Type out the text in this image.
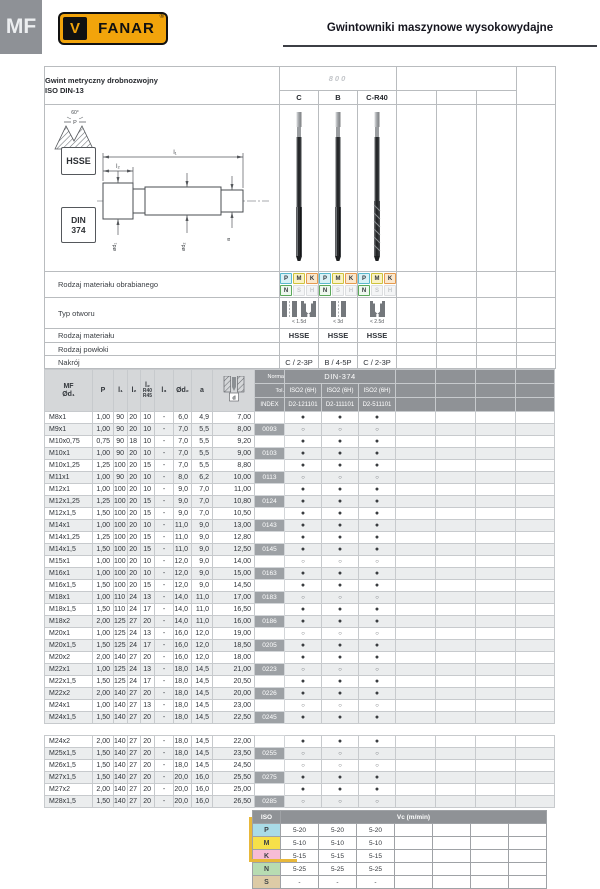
MF V	FANAR
®
Gwintowniki maszynowe wysokowydajne
Gwint metryczny drobnozwojny
ISO DIN-13	800						
	C	B	C-R40				

60°
P
HSSE
DIN
374
l₁
l₂
ød₁	ød₂
a

Rodzaj materiału obrabianego	
P	M	K
N	S	H

P	M	K
N	S	H

P	M	K
N	S	H

Typ otworu	< 1.5d	< 3d	< 2.5d				

Rodzaj materiału	HSSE	HSSE	HSSE				
Rodzaj powłoki							
Nakrój	C / 2-3P	B / 4-5P	C / 2-3P				
MF
Ød₁
	P	l₁	l₂	
l₂
R40
R45
	l₃	Ød₂	a	
d
	Norma	DIN-374				
									Tol.	ISO2 (6H)	ISO2 (6H)	ISO2 (6H)				
									INDEX	D2-121101	D2-111101	D2-511101				
M8x1	1,00	90	20	10	-	6,0	4,9	7,00	0083	●	●	●				
M9x1	1,00	90	20	10	-	7,0	5,5	8,00	0093	○	○	○				
M10x0,75	0,75	90	18	10	-	7,0	5,5	9,20	0102	●	●	●				
M10x1	1,00	90	20	10	-	7,0	5,5	9,00	0103	●	●	●				
M10x1,25	1,25	100	20	15	-	7,0	5,5	8,80	0104	●	●	●				
M11x1	1,00	90	20	10	-	8,0	6,2	10,00	0113	○	○	○				
M12x1	1,00	100	20	10	-	9,0	7,0	11,00	0123	●	●	●				
M12x1,25	1,25	100	20	15	-	9,0	7,0	10,80	0124	●	●	●				
M12x1,5	1,50	100	20	15	-	9,0	7,0	10,50	0125	●	●	●				
M14x1	1,00	100	20	10	-	11,0	9,0	13,00	0143	●	●	●				
M14x1,25	1,25	100	20	15	-	11,0	9,0	12,80	0144	●	●	●				
M14x1,5	1,50	100	20	15	-	11,0	9,0	12,50	0145	●	●	●				
M15x1	1,00	100	20	10	-	12,0	9,0	14,00	0153	○	○	○				
M16x1	1,00	100	20	10	-	12,0	9,0	15,00	0163	●	●	●				
M16x1,5	1,50	100	20	15	-	12,0	9,0	14,50	0165	●	●	●				
M18x1	1,00	110	24	13	-	14,0	11,0	17,00	0183	○	○	○				
M18x1,5	1,50	110	24	17	-	14,0	11,0	16,50	0185	●	●	●				
M18x2	2,00	125	27	20	-	14,0	11,0	16,00	0186	●	●	●				
M20x1	1,00	125	24	13	-	16,0	12,0	19,00	0203	○	○	○				
M20x1,5	1,50	125	24	17	-	16,0	12,0	18,50	0205	●	●	●				
M20x2	2,00	140	27	20	-	16,0	12,0	18,00	0206	●	●	●				
M22x1	1,00	125	24	13	-	18,0	14,5	21,00	0223	○	○	○				
M22x1,5	1,50	125	24	17	-	18,0	14,5	20,50	0225	●	●	●				
M22x2	2,00	140	27	20	-	18,0	14,5	20,00	0226	●	●	●				
M24x1	1,00	140	27	13	-	18,0	14,5	23,00	0243	○	○	○				
M24x1,5	1,50	140	27	20	-	18,0	14,5	22,50	0245	●	●	●				

M24x2	2,00	140	27	20	-	18,0	14,5	22,00	0246	●	●	●				
M25x1,5	1,50	140	27	20	-	18,0	14,5	23,50	0255	○	○	○				
M26x1,5	1,50	140	27	20	-	18,0	14,5	24,50	0265	○	○	○				
M27x1,5	1,50	140	27	20	-	20,0	16,0	25,50	0275	●	●	●				
M27x2	2,00	140	27	20	-	20,0	16,0	25,00	0276	●	●	●				
M28x1,5	1,50	140	27	20	-	20,0	16,0	26,50	0285	○	○	○				
ISO	Vc (m/min)						
P	5-20	5-20	5-20				
M	5-10	5-10	5-10				
K	5-15	5-15	5-15				
N	5-25	5-25	5-25				
S	-	-	-				
